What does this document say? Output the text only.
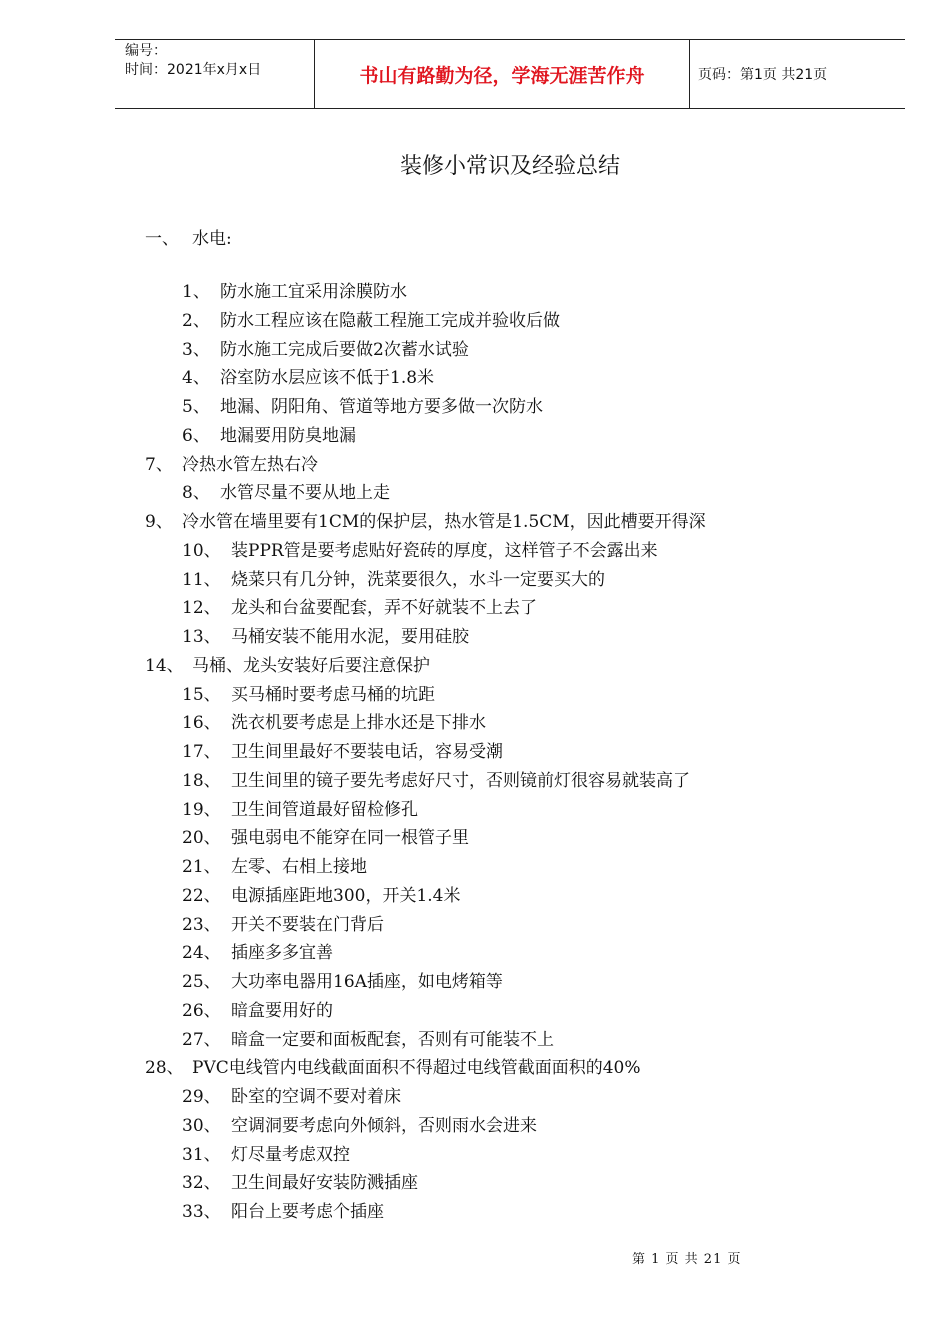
编号：
时间：2021年x月x日	书山有路勤为径，学海无涯苦作舟	页码：第1页 共21页
装修小常识及经验总结
一、 水电:
1、 防水施工宜采用涂膜防水
2、 防水工程应该在隐蔽工程施工完成并验收后做
3、 防水施工完成后要做2次蓄水试验
4、 浴室防水层应该不低于1.8米
5、 地漏、阴阳角、管道等地方要多做一次防水
6、 地漏要用防臭地漏
7、 冷热水管左热右冷
8、 水管尽量不要从地上走
9、 冷水管在墙里要有1CM的保护层，热水管是1.5CM，因此槽要开得深
10、 装PPR管是要考虑贴好瓷砖的厚度，这样管子不会露出来
11、 烧菜只有几分钟，洗菜要很久，水斗一定要买大的
12、 龙头和台盆要配套，弄不好就装不上去了
13、 马桶安装不能用水泥，要用硅胶
14、 马桶、龙头安装好后要注意保护
15、 买马桶时要考虑马桶的坑距
16、 洗衣机要考虑是上排水还是下排水
17、 卫生间里最好不要装电话，容易受潮
18、 卫生间里的镜子要先考虑好尺寸，否则镜前灯很容易就装高了
19、 卫生间管道最好留检修孔
20、 强电弱电不能穿在同一根管子里
21、 左零、右相上接地
22、 电源插座距地300，开关1.4米
23、 开关不要装在门背后
24、 插座多多宜善
25、 大功率电器用16A插座，如电烤箱等
26、 暗盒要用好的
27、 暗盒一定要和面板配套，否则有可能装不上
28、 PVC电线管内电线截面面积不得超过电线管截面面积的40%
29、 卧室的空调不要对着床
30、 空调洞要考虑向外倾斜，否则雨水会进来
31、 灯尽量考虑双控
32、 卫生间最好安装防溅插座
33、 阳台上要考虑个插座
第 1 页 共 21 页
